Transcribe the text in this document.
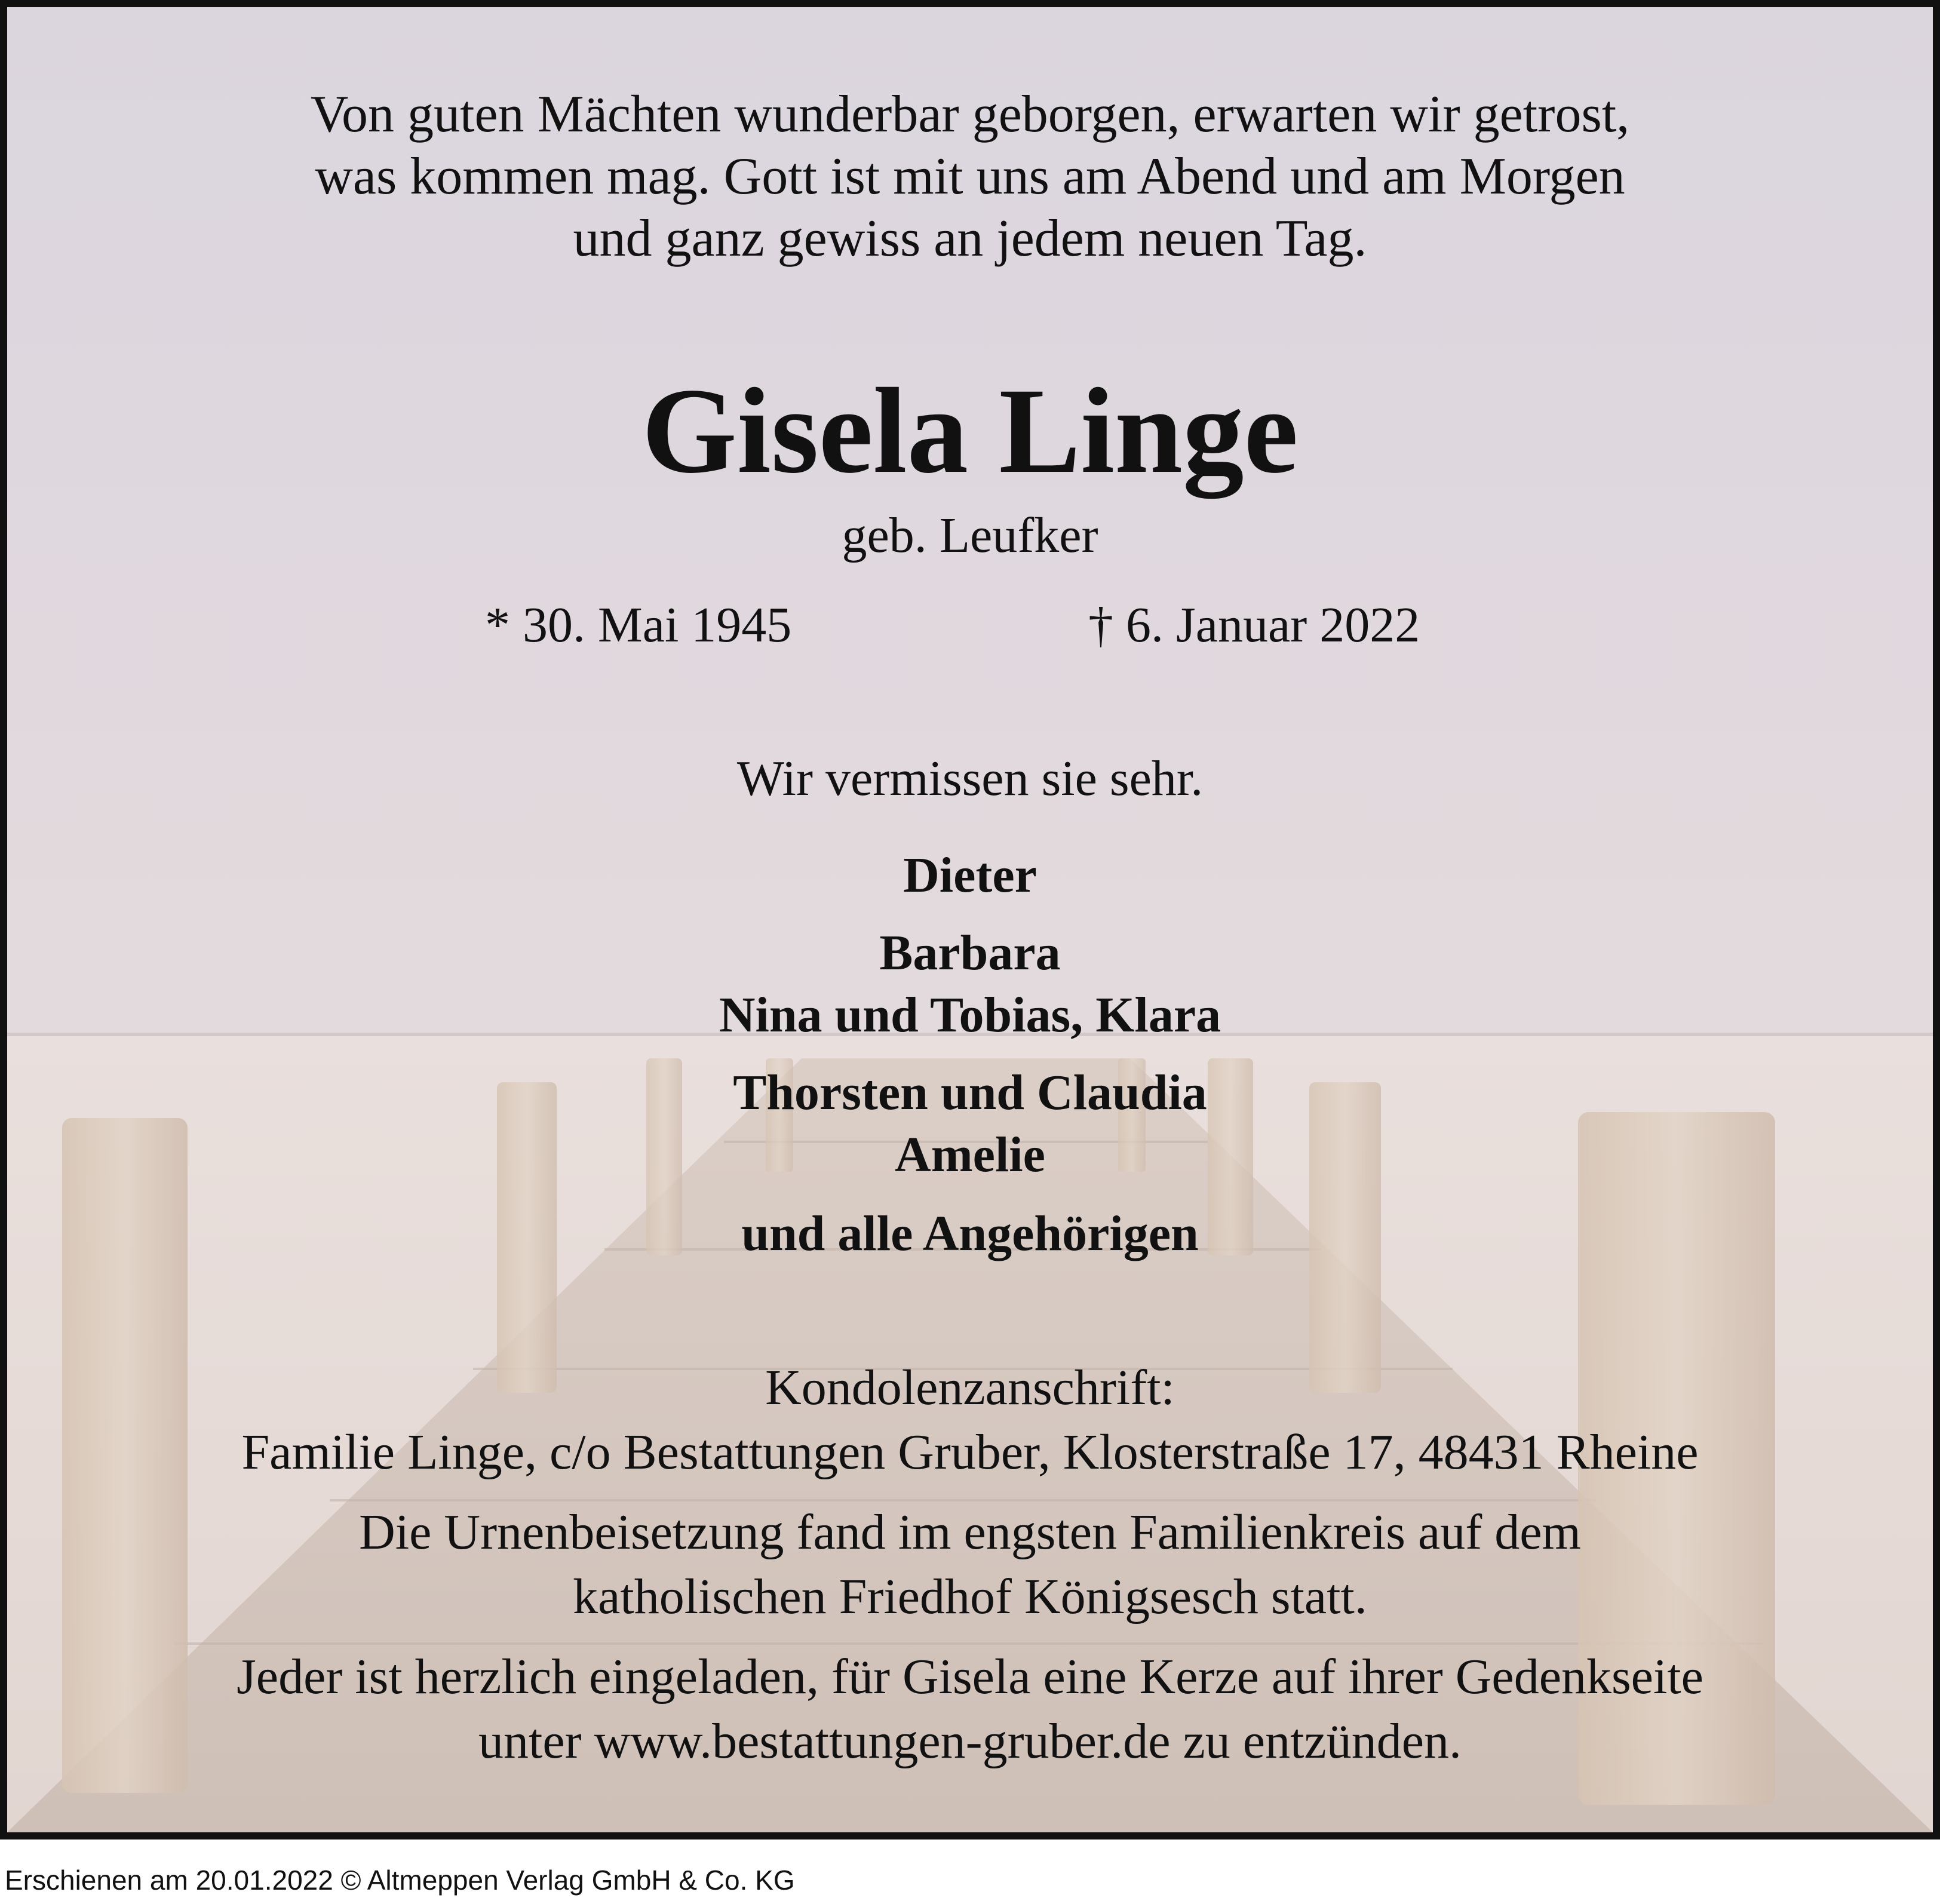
Von guten Mächten wunderbar geborgen, erwarten wir getrost,
was kommen mag. Gott ist mit uns am Abend und am Morgen
und ganz gewiss an jedem neuen Tag.
Gisela Linge
geb. Leufker
* 30. Mai 1945	† 6. Januar 2022
Wir vermissen sie sehr.
Dieter
Barbara
Nina und Tobias, Klara
Thorsten und Claudia
Amelie
und alle Angehörigen
Kondolenzanschrift:
Familie Linge, c/o Bestattungen Gruber, Klosterstraße 17, 48431 Rheine
Die Urnenbeisetzung fand im engsten Familienkreis auf dem
katholischen Friedhof Königsesch statt.
Jeder ist herzlich eingeladen, für Gisela eine Kerze auf ihrer Gedenkseite
unter www.bestattungen-gruber.de zu entzünden.
Erschienen am 20.01.2022 © Altmeppen Verlag GmbH & Co. KG
